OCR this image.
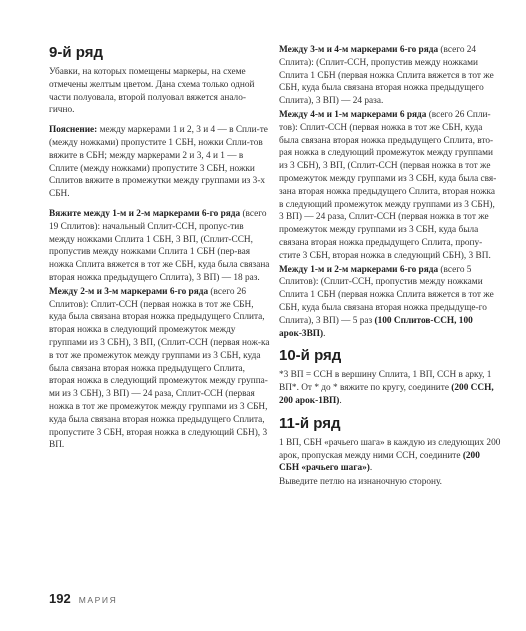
9-й ряд

Убавки, на которых помещены маркеры, на схеме отмечены желтым цветом. Дана схема только одной части полуовала, второй полуовал вяжется анало-гично.

Пояснение: между маркерами 1 и 2, 3 и 4 — в Спли-те (между ножками) пропустите 1 СБН, ножки Спли-тов вяжите в СБН; между маркерами 2 и 3, 4 и 1 — в Сплите (между ножками) пропустите 3 СБН, ножки Сплитов вяжите в промежутки между группами из 3-х СБН.

Вяжите между 1-м и 2-м маркерами 6-го ряда (всего 19 Сплитов): начальный Сплит-ССН, пропус-тив между ножками Сплита 1 СБН, 3 ВП, (Сплит-ССН, пропустив между ножками Сплита 1 СБН (пер-вая ножка Сплита вяжется в тот же СБН, куда была связана вторая ножка предыдущего Сплита), 3 ВП) — 18 раз.

Между 2-м и 3-м маркерами 6-го ряда (всего 26 Сплитов): Сплит-ССН (первая ножка в тот же СБН, куда была связана вторая ножка предыдущего Сплита, вторая ножка в следующий промежуток между группами из 3 СБН), 3 ВП, (Сплит-ССН (первая нож-ка в тот же промежуток между группами из 3 СБН, куда была связана вторая ножка предыдущего Сплита, вторая ножка в следующий промежуток между группа-ми из 3 СБН), 3 ВП) — 24 раза, Сплит-ССН (первая ножка в тот же промежуток между группами из 3 СБН, куда была связана вторая ножка предыдущего Сплита, пропустите 3 СБН, вторая ножка в следующий СБН), 3 ВП.

Между 3-м и 4-м маркерами 6-го ряда (всего 24 Сплита): (Сплит-ССН, пропустив между ножками Сплита 1 СБН (первая ножка Сплита вяжется в тот же СБН, куда была связана вторая ножка предыдущего Сплита), 3 ВП) — 24 раза.

Между 4-м и 1-м маркерами 6 ряда (всего 26 Спли-тов): Сплит-ССН (первая ножка в тот же СБН, куда была связана вторая ножка предыдущего Сплита, вто-рая ножка в следующий промежуток между группами из 3 СБН), 3 ВП, (Сплит-ССН (первая ножка в тот же промежуток между группами из 3 СБН, куда была свя-зана вторая ножка предыдущего Сплита, вторая ножка в следующий промежуток между группами из 3 СБН), 3 ВП) — 24 раза, Сплит-ССН (первая ножка в тот же промежуток между группами из 3 СБН, куда была связана вторая ножка предыдущего Сплита, пропу-стите 3 СБН, вторая ножка в следующий СБН), 3 ВП.

Между 1-м и 2-м маркерами 6-го ряда (всего 5 Сплитов): (Сплит-ССН, пропустив между ножками Сплита 1 СБН (первая ножка Сплита вяжется в тот же СБН, куда была связана вторая ножка предыдуще-го Сплита), 3 ВП) — 5 раз (100 Сплитов-ССН, 100 арок-3ВП).

10-й ряд

*3 ВП = ССН в вершину Сплита, 1 ВП, ССН в арку, 1 ВП*. От * до * вяжите по кругу, соедините (200 ССН, 200 арок-1ВП).

11-й ряд

1 ВП, СБН «рачьего шага» в каждую из следующих 200 арок, пропуская между ними ССН, соедините (200 СБН «рачьего шага»).

Выведите петлю на изнаночную сторону.

192 МАРИЯ
